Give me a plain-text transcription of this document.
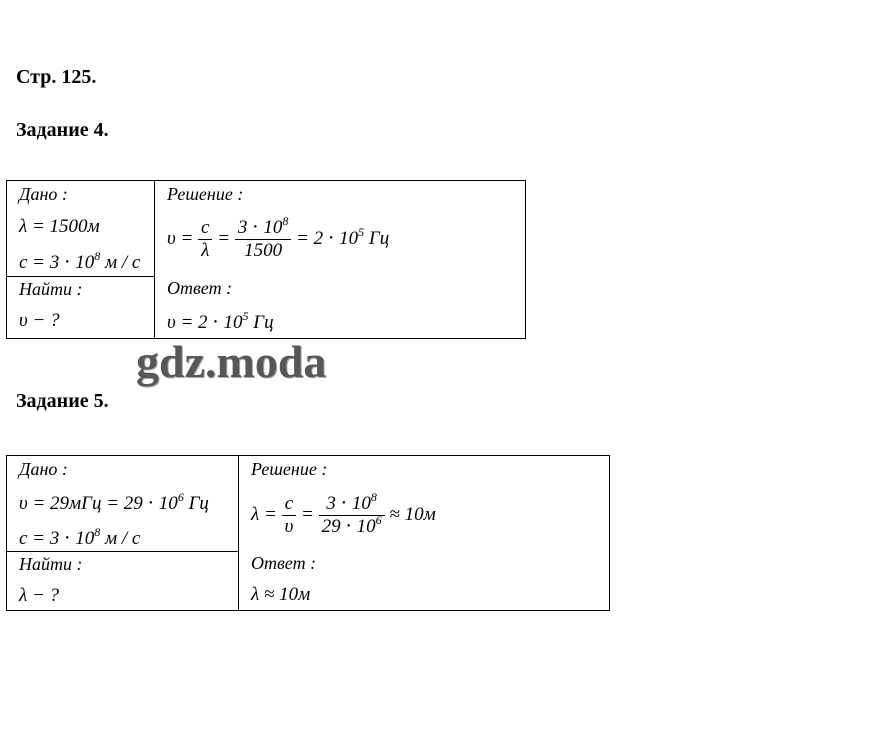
Стр. 125.
Задание 4.
Дано :
λ = 1500м
$c = 3 \cdot 10^8$ м / с
Найти :
υ − ?
Решение :
$\upsilon = \frac{c}{\lambda} = \frac{3 \cdot 10^8}{1500} = 2 \cdot 10^5$ Гц
Ответ :
$\upsilon = 2 \cdot 10^5$ Гц
gdz.moda
Задание 5.
Дано :
$\upsilon = 29мГц = 29 \cdot 10^6$ Гц
$c = 3 \cdot 10^8$ м / с
Найти :
λ − ?
Решение :
$\lambda = \frac{c}{\upsilon} = \frac{3 \cdot 10^8}{29 \cdot 10^6} \approx 10м$
Ответ :
λ ≈ 10м
